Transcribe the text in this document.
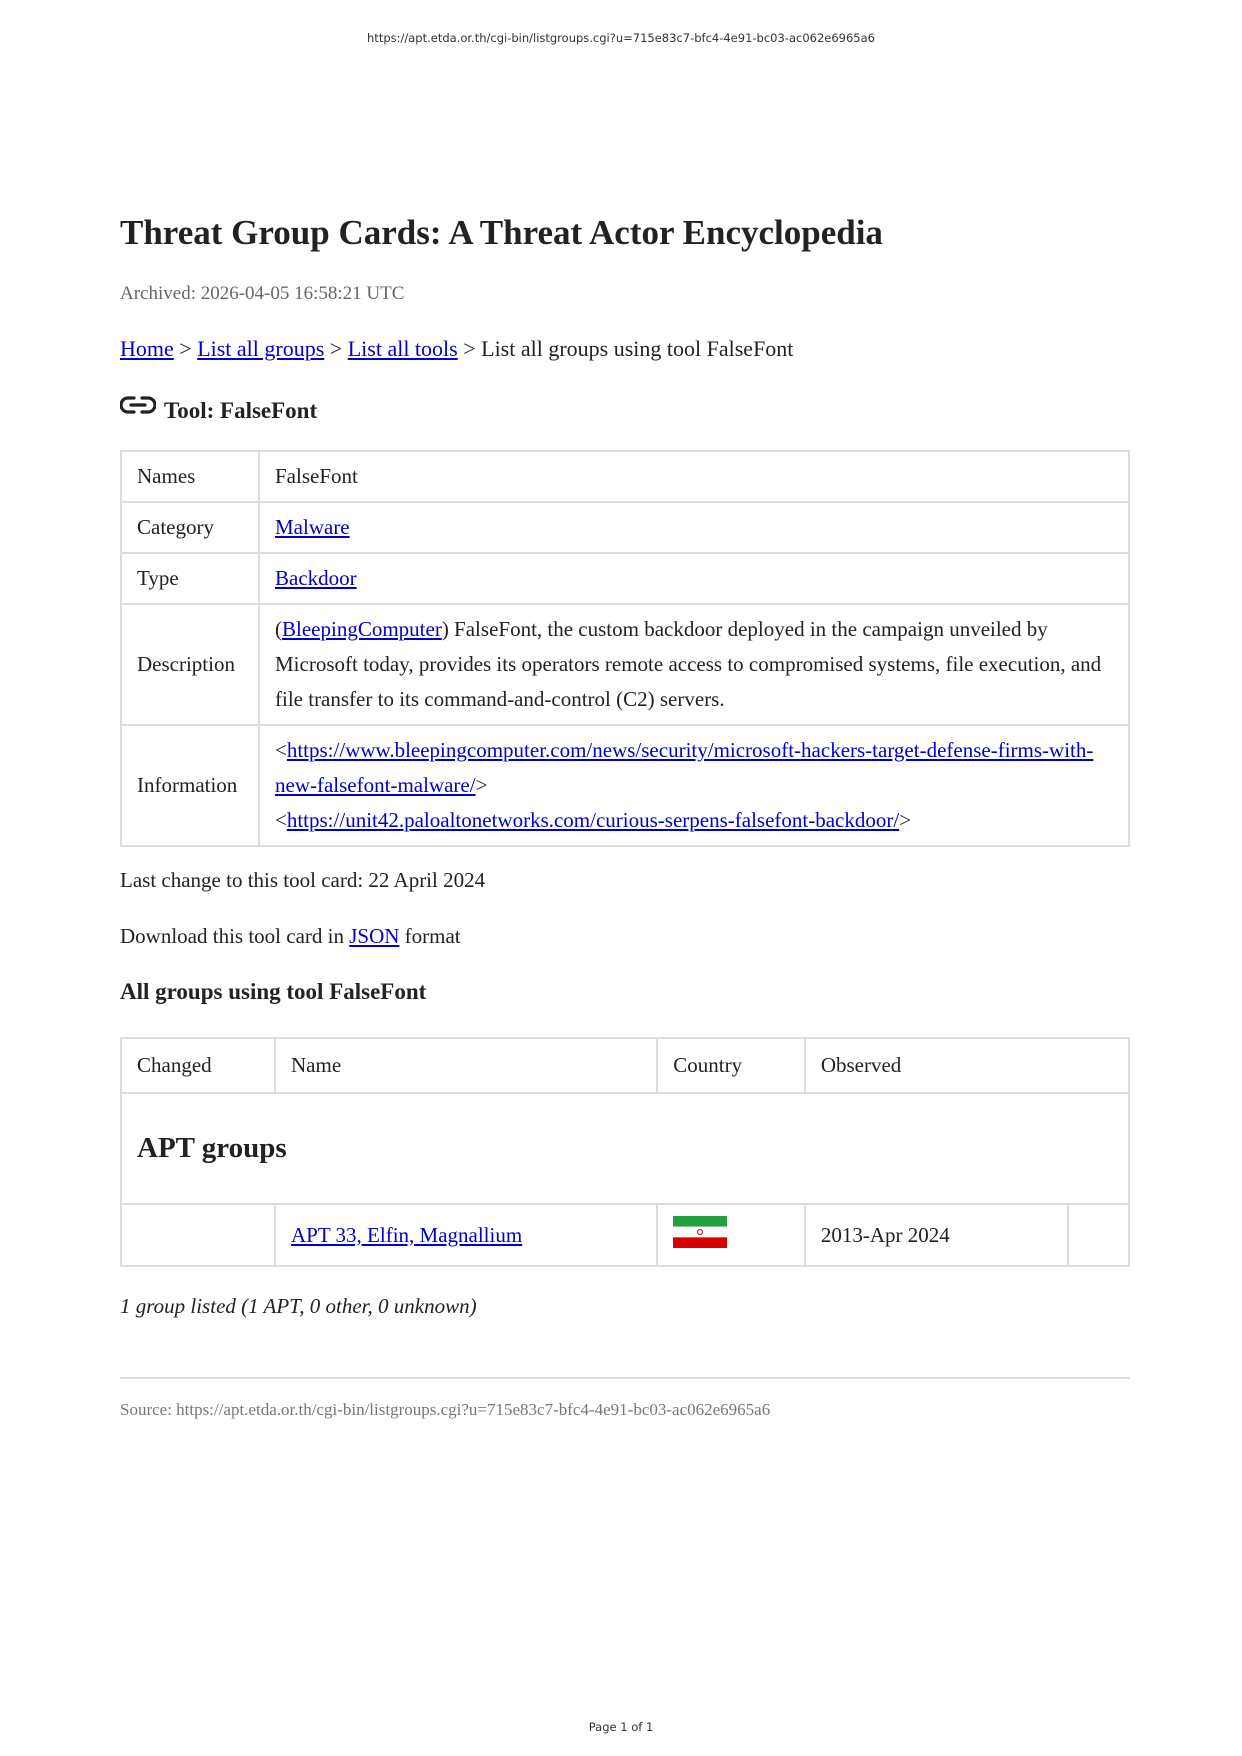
https://apt.etda.or.th/cgi-bin/listgroups.cgi?u=715e83c7-bfc4-4e91-bc03-ac062e6965a6
Threat Group Cards: A Threat Actor Encyclopedia
Archived: 2026-04-05 16:58:21 UTC
Home > List all groups > List all tools > List all groups using tool FalseFont
Tool: FalseFont
Names	FalseFont
Category	Malware
Type	Backdoor
Description	(BleepingComputer) FalseFont, the custom backdoor deployed in the campaign unveiled by Microsoft today, provides its operators remote access to compromised systems, file execution, and file transfer to its command-and-control (C2) servers.
Information	<https://www.bleepingcomputer.com/news/security/microsoft-hackers-target-defense-firms-with-new-falsefont-malware/>
<https://unit42.paloaltonetworks.com/curious-serpens-falsefont-backdoor/>
Last change to this tool card: 22 April 2024
Download this tool card in JSON format
All groups using tool FalseFont
Changed	Name	Country	Observed	
APT groups				
	APT 33, Elfin, Magnallium		2013-Apr 2024	
1 group listed (1 APT, 0 other, 0 unknown)
Source: https://apt.etda.or.th/cgi-bin/listgroups.cgi?u=715e83c7-bfc4-4e91-bc03-ac062e6965a6
Page 1 of 1
